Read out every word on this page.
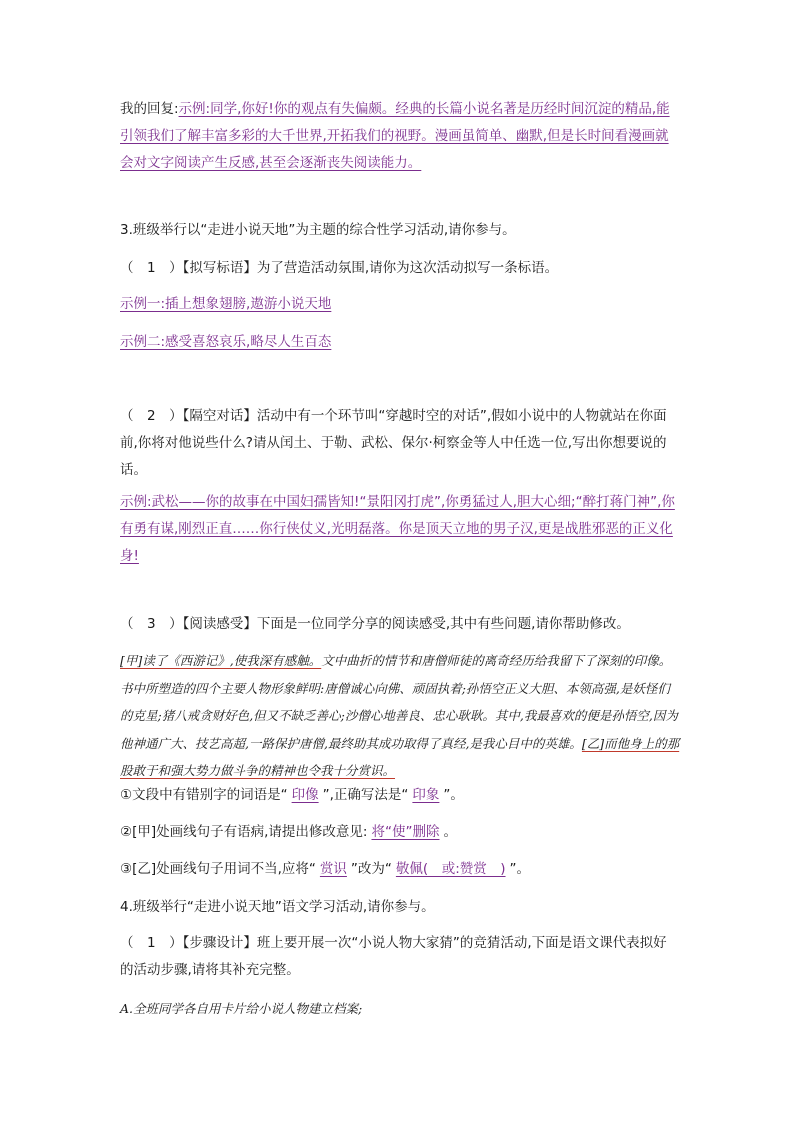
我的回复:示例:同学,你好!你的观点有失偏颇。经典的长篇小说名著是历经时间沉淀的精品,能引领我们了解丰富多彩的大千世界,开拓我们的视野。漫画虽简单、幽默,但是长时间看漫画就会对文字阅读产生反感,甚至会逐渐丧失阅读能力。
3.班级举行以“走进小说天地”为主题的综合性学习活动,请你参与。
（　1　）【拟写标语】为了营造活动氛围,请你为这次活动拟写一条标语。
示例一:插上想象翅膀,遨游小说天地
示例二:感受喜怒哀乐,略尽人生百态
（　2　）【隔空对话】活动中有一个环节叫“穿越时空的对话”,假如小说中的人物就站在你面前,你将对他说些什么?请从闰土、于勒、武松、保尔·柯察金等人中任选一位,写出你想要说的话。
示例:武松——你的故事在中国妇孺皆知!“景阳冈打虎”,你勇猛过人,胆大心细;“醉打蒋门神”,你有勇有谋,刚烈正直……你行侠仗义,光明磊落。你是顶天立地的男子汉,更是战胜邪恶的正义化身!
（　3　）【阅读感受】下面是一位同学分享的阅读感受,其中有些问题,请你帮助修改。
[甲]读了《西游记》,使我深有感触。文中曲折的情节和唐僧师徒的离奇经历给我留下了深刻的印像。书中所塑造的四个主要人物形象鲜明:唐僧诚心向佛、顽固执着;孙悟空正义大胆、本领高强,是妖怪们的克星;猪八戒贪财好色,但又不缺乏善心;沙僧心地善良、忠心耿耿。其中,我最喜欢的便是孙悟空,因为他神通广大、技艺高超,一路保护唐僧,最终助其成功取得了真经,是我心目中的英雄。[乙]而他身上的那股敢于和强大势力做斗争的精神也令我十分赏识。
①文段中有错别字的词语是“ 印像 ”,正确写法是“ 印象 ”。
②[甲]处画线句子有语病,请提出修改意见: 将“使”删除 。
③[乙]处画线句子用词不当,应将“ 赏识 ”改为“ 敬佩(　或:赞赏　) ”。
4.班级举行“走进小说天地”语文学习活动,请你参与。
（　1　）【步骤设计】班上要开展一次“小说人物大家猜”的竞猜活动,下面是语文课代表拟好的活动步骤,请将其补充完整。
A.全班同学各自用卡片给小说人物建立档案;
